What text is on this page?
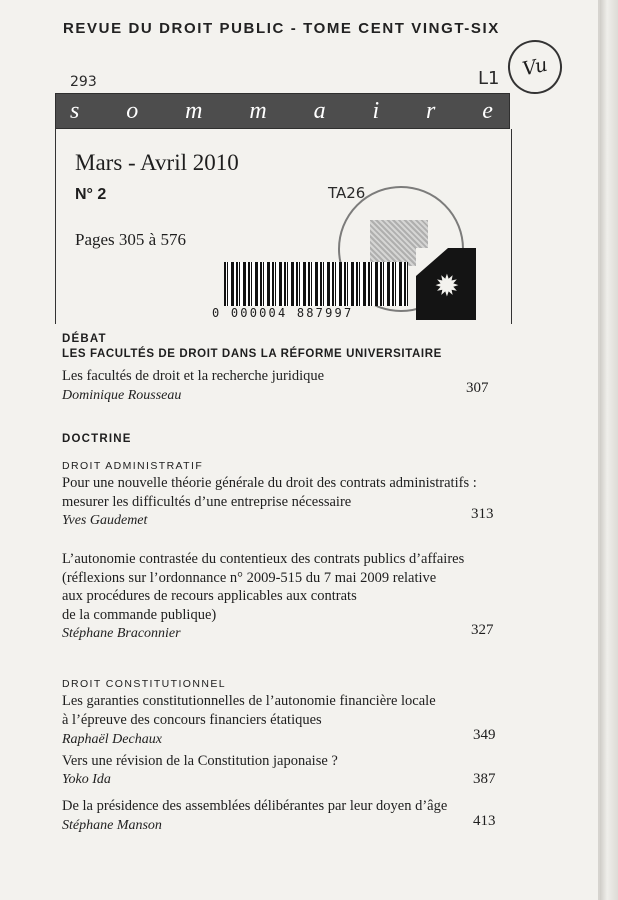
REVUE DU DROIT PUBLIC - TOME CENT VINGT-SIX
293	L1 Vu
s o m m a i r e
Mars - Avril 2010
N° 2
Pages 305 à 576
TA26
0 000004 887997
✹
DÉBAT
LES FACULTÉS DE DROIT DANS LA RÉFORME UNIVERSITAIRE
Les facultés de droit et la recherche juridique
Dominique Rousseau	307
DOCTRINE
DROIT ADMINISTRATIF
Pour une nouvelle théorie générale du droit des contrats administratifs :
mesurer les difficultés d’une entreprise nécessaire
Yves Gaudemet	313
L’autonomie contrastée du contentieux des contrats publics d’affaires
(réflexions sur l’ordonnance n° 2009-515 du 7 mai 2009 relative
aux procédures de recours applicables aux contrats
de la commande publique)
Stéphane Braconnier	327
DROIT CONSTITUTIONNEL
Les garanties constitutionnelles de l’autonomie financière locale
à l’épreuve des concours financiers étatiques
Raphaël Dechaux	349
Vers une révision de la Constitution japonaise ?
Yoko Ida	387
De la présidence des assemblées délibérantes par leur doyen d’âge
Stéphane Manson	413
